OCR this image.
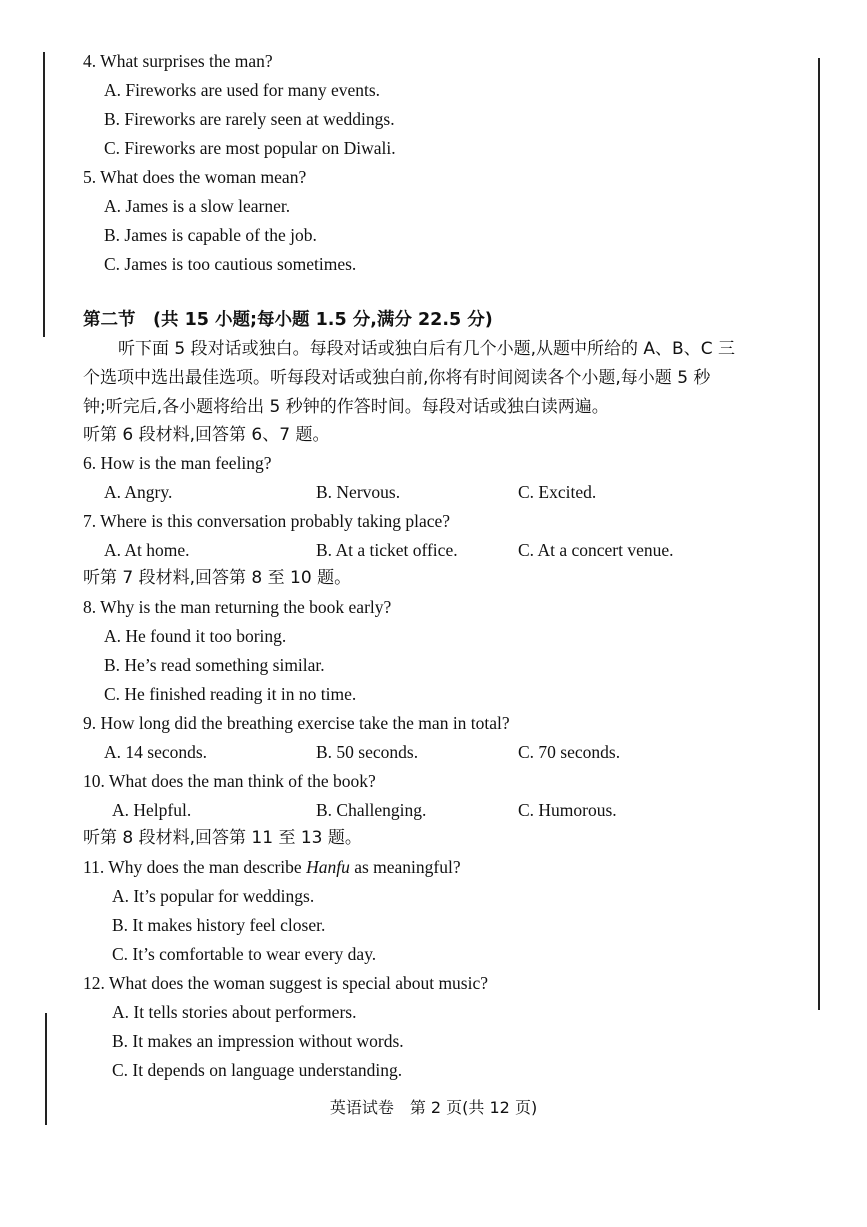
4. What surprises the man?
A. Fireworks are used for many events.
B. Fireworks are rarely seen at weddings.
C. Fireworks are most popular on Diwali.
5. What does the woman mean?
A. James is a slow learner.
B. James is capable of the job.
C. James is too cautious sometimes.
第二节　(共 15 小题;每小题 1.5 分,满分 22.5 分)
听下面 5 段对话或独白。每段对话或独白后有几个小题,从题中所给的 A、B、C 三
个选项中选出最佳选项。听每段对话或独白前,你将有时间阅读各个小题,每小题 5 秒
钟;听完后,各小题将给出 5 秒钟的作答时间。每段对话或独白读两遍。
听第 6 段材料,回答第 6、7 题。
6. How is the man feeling?
A. Angry.	B. Nervous.	C. Excited.
7. Where is this conversation probably taking place?
A. At home.	B. At a ticket office.	C. At a concert venue.
听第 7 段材料,回答第 8 至 10 题。
8. Why is the man returning the book early?
A. He found it too boring.
B. He’s read something similar.
C. He finished reading it in no time.
9. How long did the breathing exercise take the man in total?
A. 14 seconds.	B. 50 seconds.	C. 70 seconds.
10. What does the man think of the book?
A. Helpful.	B. Challenging.	C. Humorous.
听第 8 段材料,回答第 11 至 13 题。
11. Why does the man describe Hanfu as meaningful?
A. It’s popular for weddings.
B. It makes history feel closer.
C. It’s comfortable to wear every day.
12. What does the woman suggest is special about music?
A. It tells stories about performers.
B. It makes an impression without words.
C. It depends on language understanding.
英语试卷　第 2 页(共 12 页)
